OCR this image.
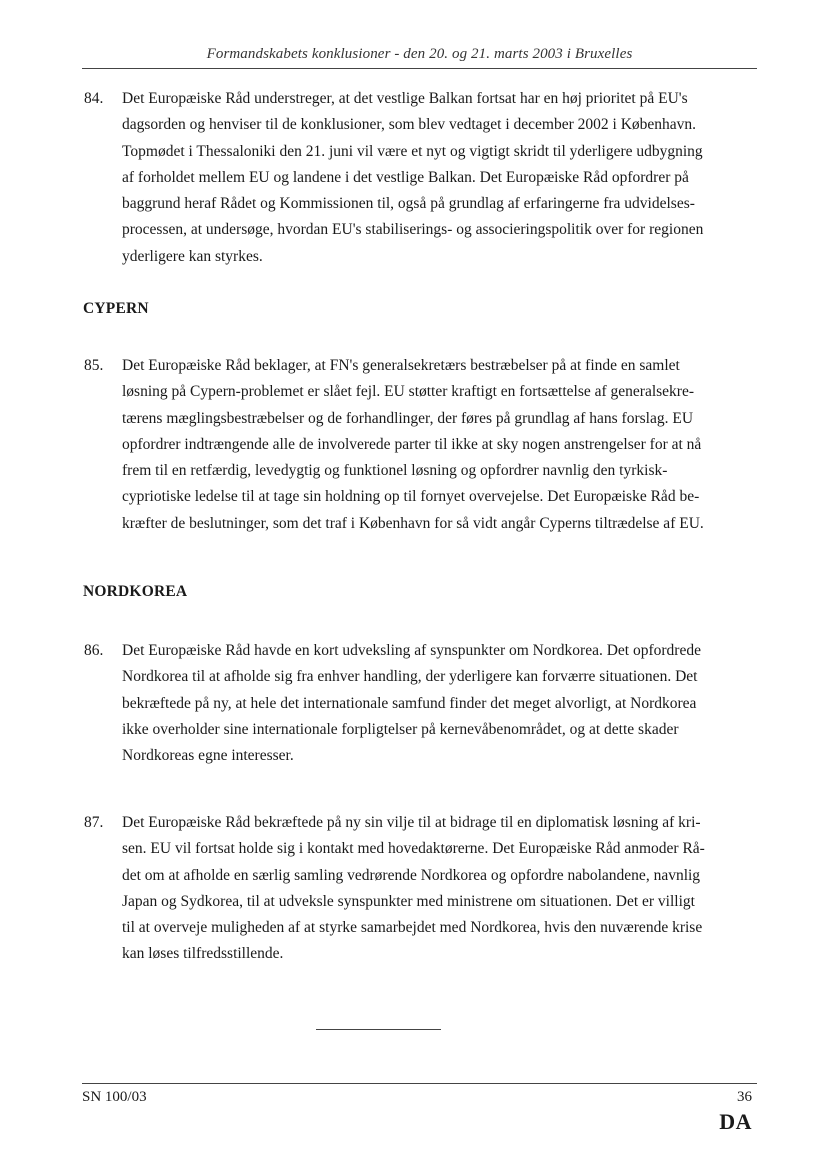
Formandskabets konklusioner - den 20. og 21. marts 2003 i Bruxelles
84. Det Europæiske Råd understreger, at det vestlige Balkan fortsat har en høj prioritet på EU's
dagsorden og henviser til de konklusioner, som blev vedtaget i december 2002 i København.
Topmødet i Thessaloniki den 21. juni vil være et nyt og vigtigt skridt til yderligere udbygning
af forholdet mellem EU og landene i det vestlige Balkan. Det Europæiske Råd opfordrer på
baggrund heraf Rådet og Kommissionen til, også på grundlag af erfaringerne fra udvidelses-
processen, at undersøge, hvordan EU's stabiliserings- og associeringspolitik over for regionen
yderligere kan styrkes.
CYPERN
85. Det Europæiske Råd beklager, at FN's generalsekretærs bestræbelser på at finde en samlet
løsning på Cypern-problemet er slået fejl. EU støtter kraftigt en fortsættelse af generalsekre-
tærens mæglingsbestræbelser og de forhandlinger, der føres på grundlag af hans forslag. EU
opfordrer indtrængende alle de involverede parter til ikke at sky nogen anstrengelser for at nå
frem til en retfærdig, levedygtig og funktionel løsning og opfordrer navnlig den tyrkisk-
cypriotiske ledelse til at tage sin holdning op til fornyet overvejelse. Det Europæiske Råd be-
kræfter de beslutninger, som det traf i København for så vidt angår Cyperns tiltrædelse af EU.
NORDKOREA
86. Det Europæiske Råd havde en kort udveksling af synspunkter om Nordkorea. Det opfordrede
Nordkorea til at afholde sig fra enhver handling, der yderligere kan forværre situationen. Det
bekræftede på ny, at hele det internationale samfund finder det meget alvorligt, at Nordkorea
ikke overholder sine internationale forpligtelser på kernevåbenområdet, og at dette skader
Nordkoreas egne interesser.
87. Det Europæiske Råd bekræftede på ny sin vilje til at bidrage til en diplomatisk løsning af kri-
sen. EU vil fortsat holde sig i kontakt med hovedaktørerne. Det Europæiske Råd anmoder Rå-
det om at afholde en særlig samling vedrørende Nordkorea og opfordre nabolandene, navnlig
Japan og Sydkorea, til at udveksle synspunkter med ministrene om situationen. Det er villigt
til at overveje muligheden af at styrke samarbejdet med Nordkorea, hvis den nuværende krise
kan løses tilfredsstillende.
SN 100/03	36
DA
